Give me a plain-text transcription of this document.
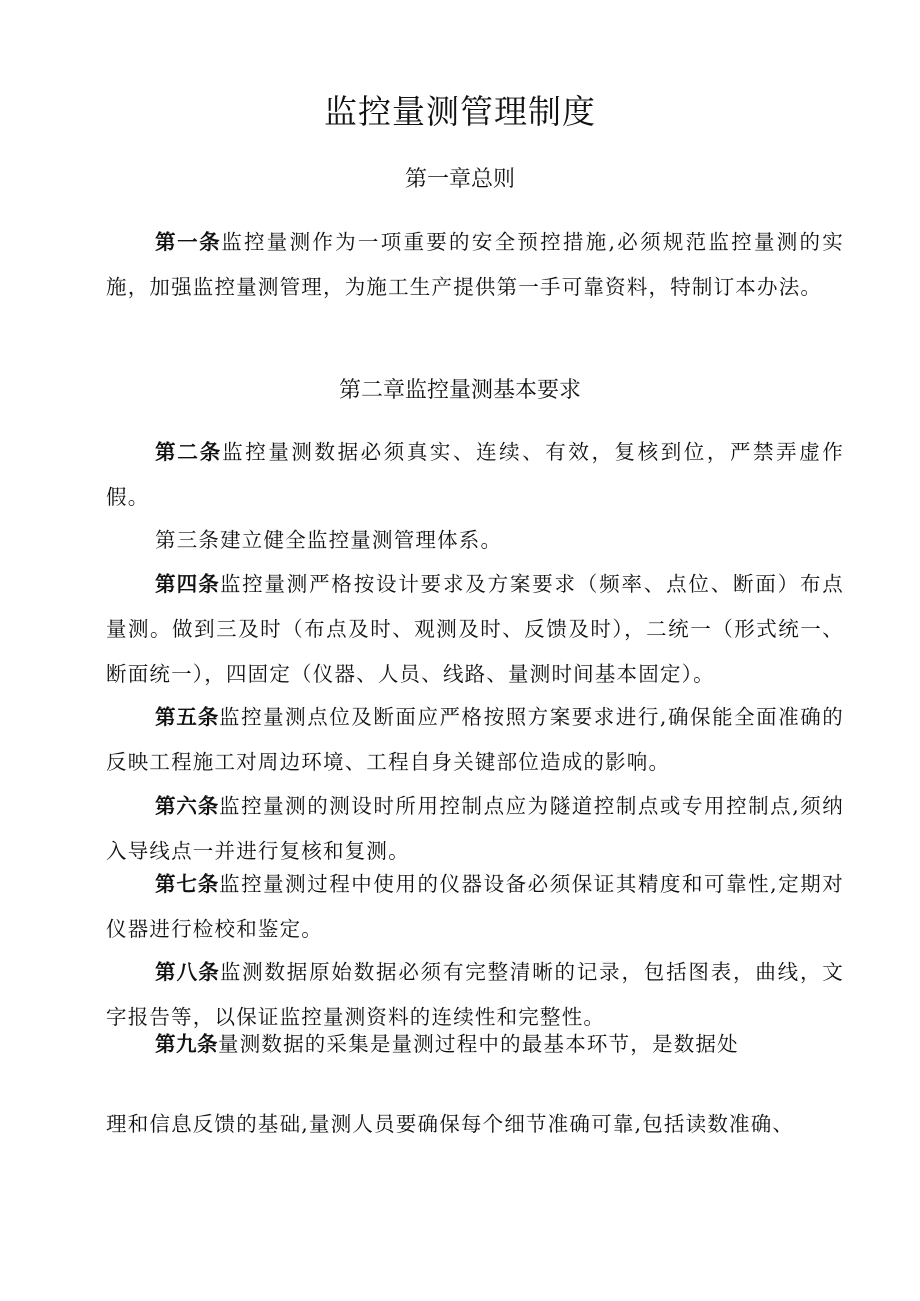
监控量测管理制度
第一章总则

第一条监控量测作为一项重要的安全预控措施,必须规范监控量测的实施，加强监控量测管理，为施工生产提供第一手可靠资料，特制订本办法。

第二章监控量测基本要求

第二条监控量测数据必须真实、连续、有效，复核到位，严禁弄虚作假。

第三条建立健全监控量测管理体系。

第四条监控量测严格按设计要求及方案要求（频率、点位、断面）布点量测。做到三及时（布点及时、观测及时、反馈及时），二统一（形式统一、断面统一），四固定（仪器、人员、线路、量测时间基本固定）。

第五条监控量测点位及断面应严格按照方案要求进行,确保能全面准确的反映工程施工对周边环境、工程自身关键部位造成的影响。

第六条监控量测的测设时所用控制点应为隧道控制点或专用控制点,须纳入导线点一并进行复核和复测。

第七条监控量测过程中使用的仪器设备必须保证其精度和可靠性,定期对仪器进行检校和鉴定。

第八条监测数据原始数据必须有完整清晰的记录，包括图表，曲线，文字报告等，以保证监控量测资料的连续性和完整性。

第九条量测数据的采集是量测过程中的最基本环节，是数据处

理和信息反馈的基础,量测人员要确保每个细节准确可靠,包括读数准确、
